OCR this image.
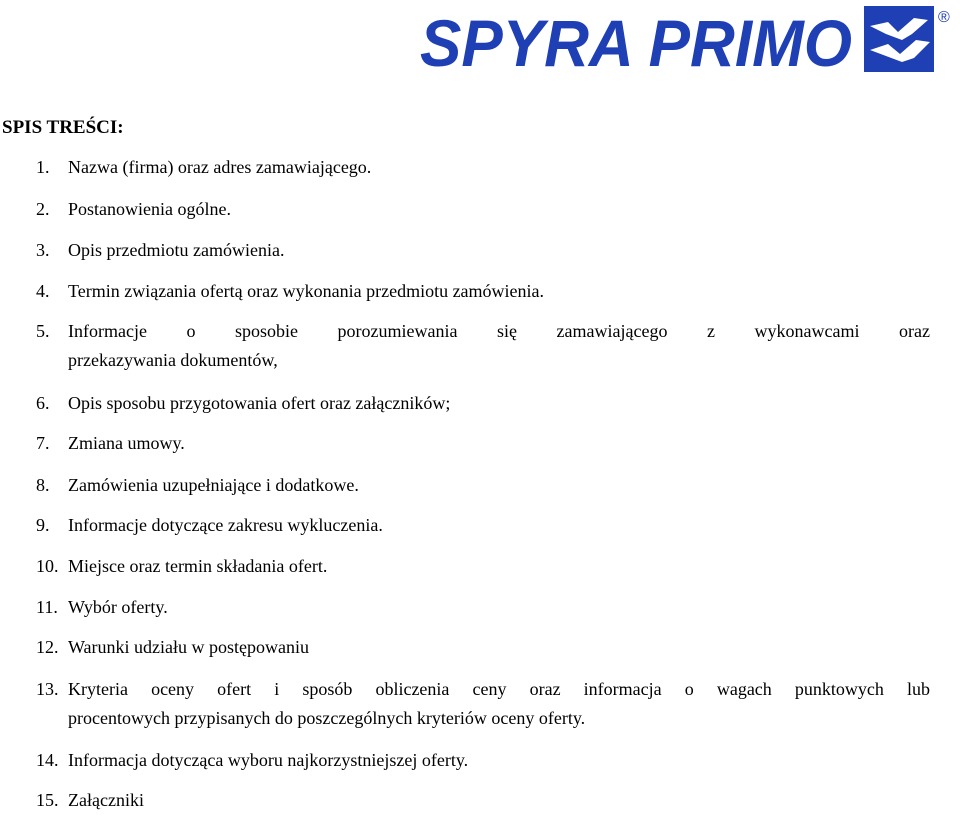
SPYRA PRIMO	®
SPIS TREŚCI:
1.	Nazwa (firma) oraz adres zamawiającego.
2.	Postanowienia ogólne.
3.	Opis przedmiotu zamówienia.
4.	Termin związania ofertą oraz wykonania przedmiotu zamówienia.
5.	Informacje o sposobie porozumiewania się zamawiającego z wykonawcami oraz
przekazywania dokumentów,
6.	Opis sposobu przygotowania ofert oraz załączników;
7.	Zmiana umowy.
8.	Zamówienia uzupełniające i dodatkowe.
9.	Informacje dotyczące zakresu wykluczenia.
10. Miejsce oraz termin składania ofert.
11. Wybór oferty.
12. Warunki udziału w postępowaniu
13. Kryteria oceny ofert i sposób obliczenia ceny oraz informacja o wagach punktowych lub
procentowych przypisanych do poszczególnych kryteriów oceny oferty.
14. Informacja dotycząca wyboru najkorzystniejszej oferty.
15. Załączniki
